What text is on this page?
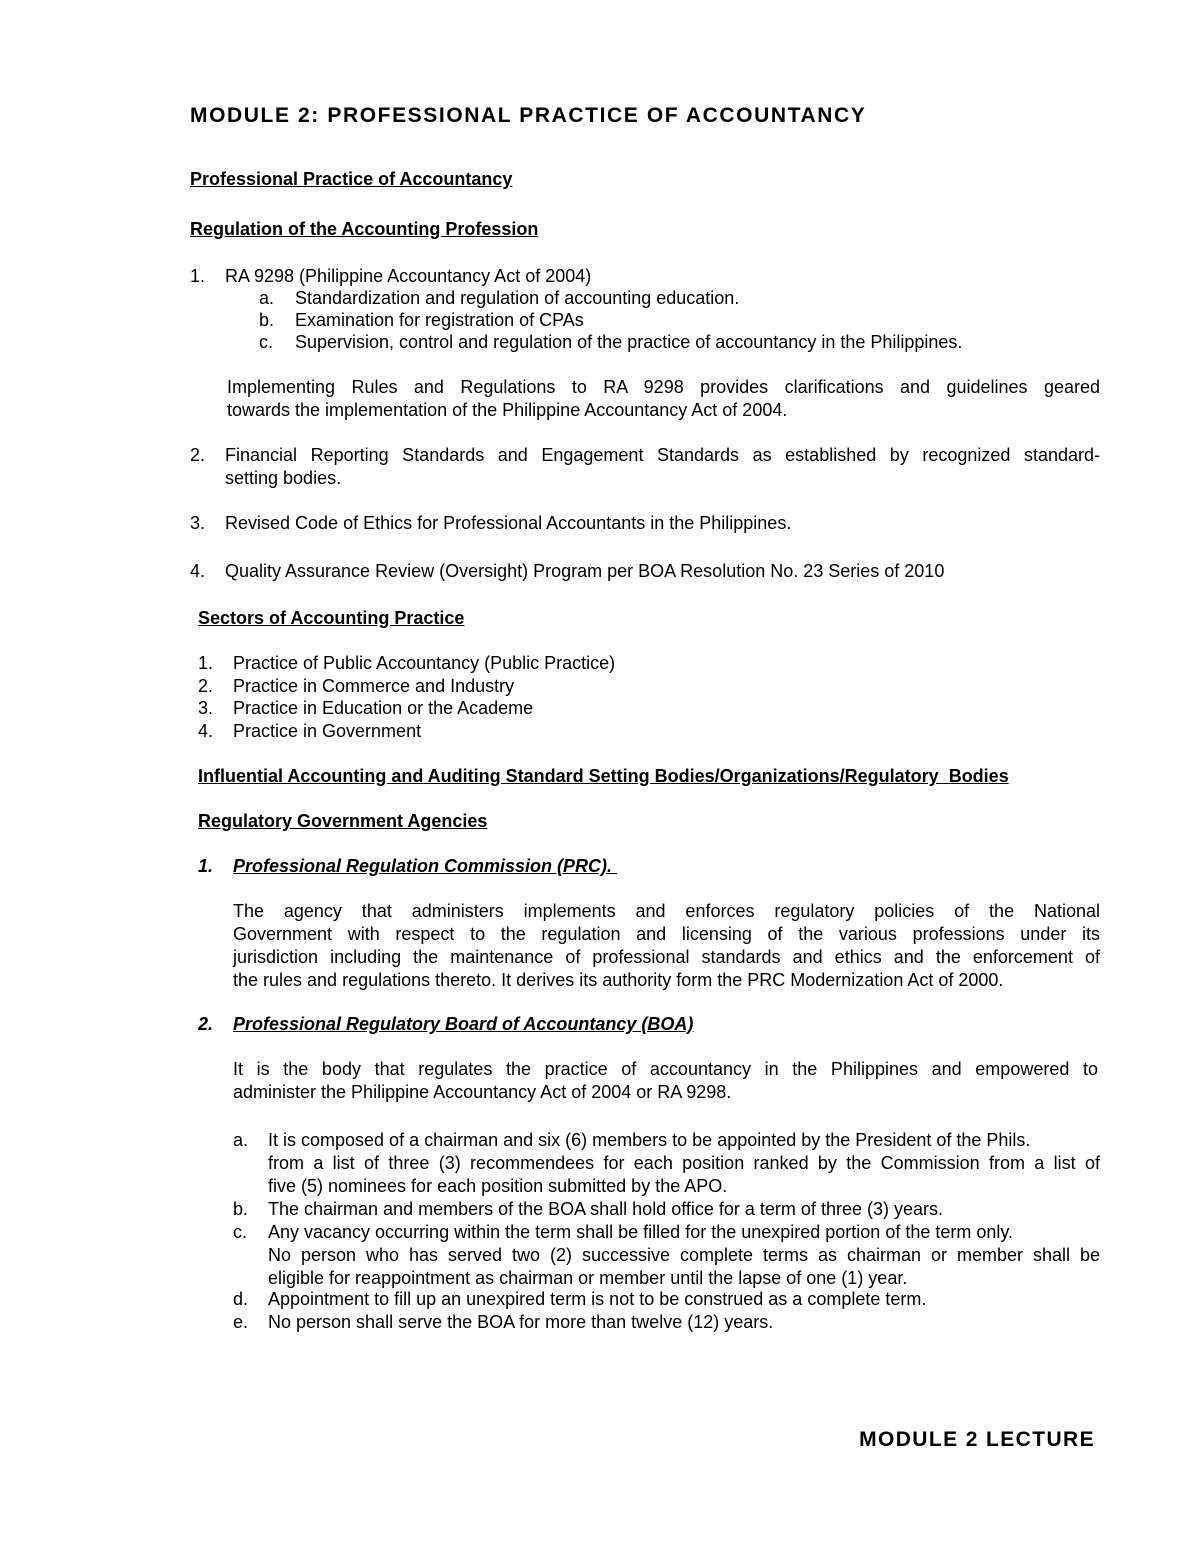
MODULE 2: PROFESSIONAL PRACTICE OF ACCOUNTANCY
Professional Practice of Accountancy
Regulation of the Accounting Profession
1. RA 9298 (Philippine Accountancy Act of 2004)
a. Standardization and regulation of accounting education.
b. Examination for registration of CPAs
c. Supervision, control and regulation of the practice of accountancy in the Philippines.
Implementing Rules and Regulations to RA 9298 provides clarifications and guidelines geared
towards the implementation of the Philippine Accountancy Act of 2004.
2. Financial Reporting Standards and Engagement Standards as established by recognized standard-
setting bodies.
3. Revised Code of Ethics for Professional Accountants in the Philippines.
4. Quality Assurance Review (Oversight) Program per BOA Resolution No. 23 Series of 2010
Sectors of Accounting Practice
1. Practice of Public Accountancy (Public Practice)
2. Practice in Commerce and Industry
3. Practice in Education or the Academe
4. Practice in Government
Influential Accounting and Auditing Standard Setting Bodies/Organizations/Regulatory  Bodies
Regulatory Government Agencies
1. Professional Regulation Commission (PRC).
The agency that administers implements and enforces regulatory policies of the National
Government with respect to the regulation and licensing of the various professions under its
jurisdiction including the maintenance of professional standards and ethics and the enforcement of
the rules and regulations thereto. It derives its authority form the PRC Modernization Act of 2000.
2. Professional Regulatory Board of Accountancy (BOA)
It is the body that regulates the practice of accountancy in the Philippines and empowered to
administer the Philippine Accountancy Act of 2004 or RA 9298.
a. It is composed of a chairman and six (6) members to be appointed by the President of the Phils.
from a list of three (3) recommendees for each position ranked by the Commission from a list of
five (5) nominees for each position submitted by the APO.
b. The chairman and members of the BOA shall hold office for a term of three (3) years.
c. Any vacancy occurring within the term shall be filled for the unexpired portion of the term only.
No person who has served two (2) successive complete terms as chairman or member shall be
eligible for reappointment as chairman or member until the lapse of one (1) year.
d. Appointment to fill up an unexpired term is not to be construed as a complete term.
e. No person shall serve the BOA for more than twelve (12) years.
MODULE 2 LECTURE
